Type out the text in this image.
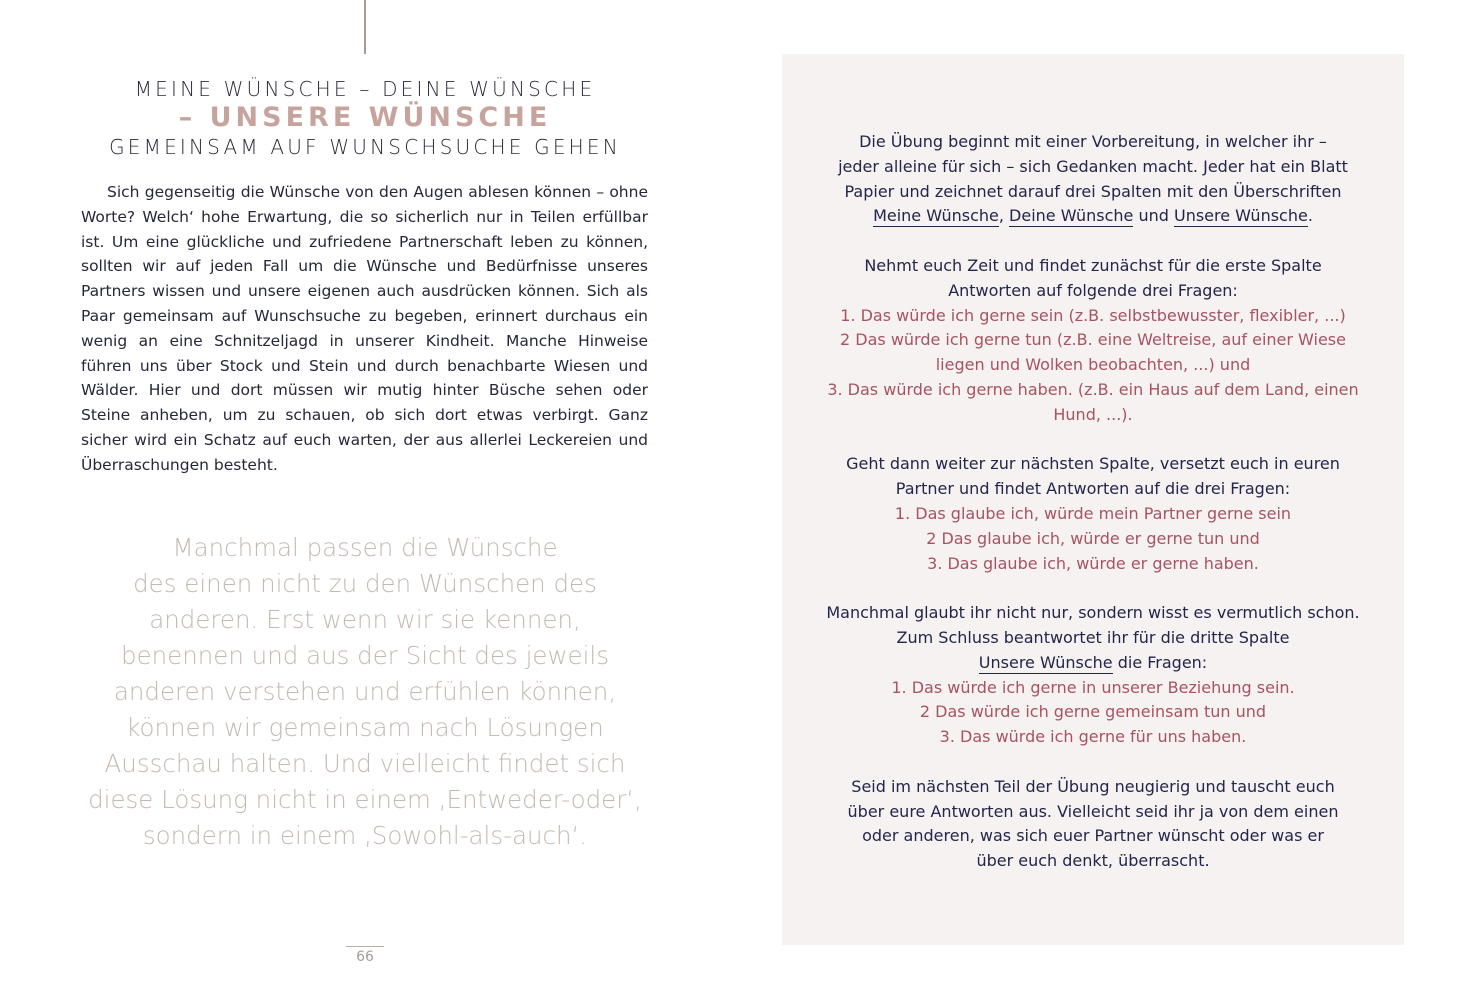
MEINE WÜNSCHE – DEINE WÜNSCHE
– UNSERE WÜNSCHE
GEMEINSAM AUF WUNSCHSUCHE GEHEN

Sich gegenseitig die Wünsche von den Augen ablesen können – ohne Worte? Welch‘ hohe Erwartung, die so sicherlich nur in Teilen erfüllbar ist. Um eine glückliche und zufriedene Partnerschaft leben zu können, sollten wir auf jeden Fall um die Wünsche und Bedürfnisse unseres Partners wissen und unsere eigenen auch ausdrücken können. Sich als Paar gemeinsam auf Wunschsuche zu begeben, erinnert durchaus ein wenig an eine Schnitzeljagd in unserer Kindheit. Manche Hinweise führen uns über Stock und Stein und durch benachbarte Wiesen und Wälder. Hier und dort müssen wir mutig hinter Büsche sehen oder Steine anheben, um zu schauen, ob sich dort etwas verbirgt. Ganz sicher wird ein Schatz auf euch warten, der aus allerlei Leckereien und Überraschungen besteht.

Manchmal passen die Wünsche
des einen nicht zu den Wünschen des
anderen. Erst wenn wir sie kennen,
benennen und aus der Sicht des jeweils
anderen verstehen und erfühlen können,
können wir gemeinsam nach Lösungen
Ausschau halten. Und vielleicht findet sich
diese Lösung nicht in einem ‚Entweder-oder‘,
sondern in einem ‚Sowohl-als-auch‘.
66

Die Übung beginnt mit einer Vorbereitung, in welcher ihr –

jeder alleine für sich – sich Gedanken macht. Jeder hat ein Blatt

Papier und zeichnet darauf drei Spalten mit den Überschriften

Meine Wünsche, Deine Wünsche und Unsere Wünsche.

Nehmt euch Zeit und findet zunächst für die erste Spalte

Antworten auf folgende drei Fragen:

1. Das würde ich gerne sein (z.B. selbstbewusster, flexibler, ...)

2 Das würde ich gerne tun (z.B. eine Weltreise, auf einer Wiese

liegen und Wolken beobachten, ...) und

3. Das würde ich gerne haben. (z.B. ein Haus auf dem Land, einen

Hund, ...).

Geht dann weiter zur nächsten Spalte, versetzt euch in euren

Partner und findet Antworten auf die drei Fragen:

1. Das glaube ich, würde mein Partner gerne sein

2 Das glaube ich, würde er gerne tun und

3. Das glaube ich, würde er gerne haben.

Manchmal glaubt ihr nicht nur, sondern wisst es vermutlich schon.

Zum Schluss beantwortet ihr für die dritte Spalte

Unsere Wünsche die Fragen:

1. Das würde ich gerne in unserer Beziehung sein.

2 Das würde ich gerne gemeinsam tun und

3. Das würde ich gerne für uns haben.

Seid im nächsten Teil der Übung neugierig und tauscht euch

über eure Antworten aus. Vielleicht seid ihr ja von dem einen

oder anderen, was sich euer Partner wünscht oder was er

über euch denkt, überrascht.
